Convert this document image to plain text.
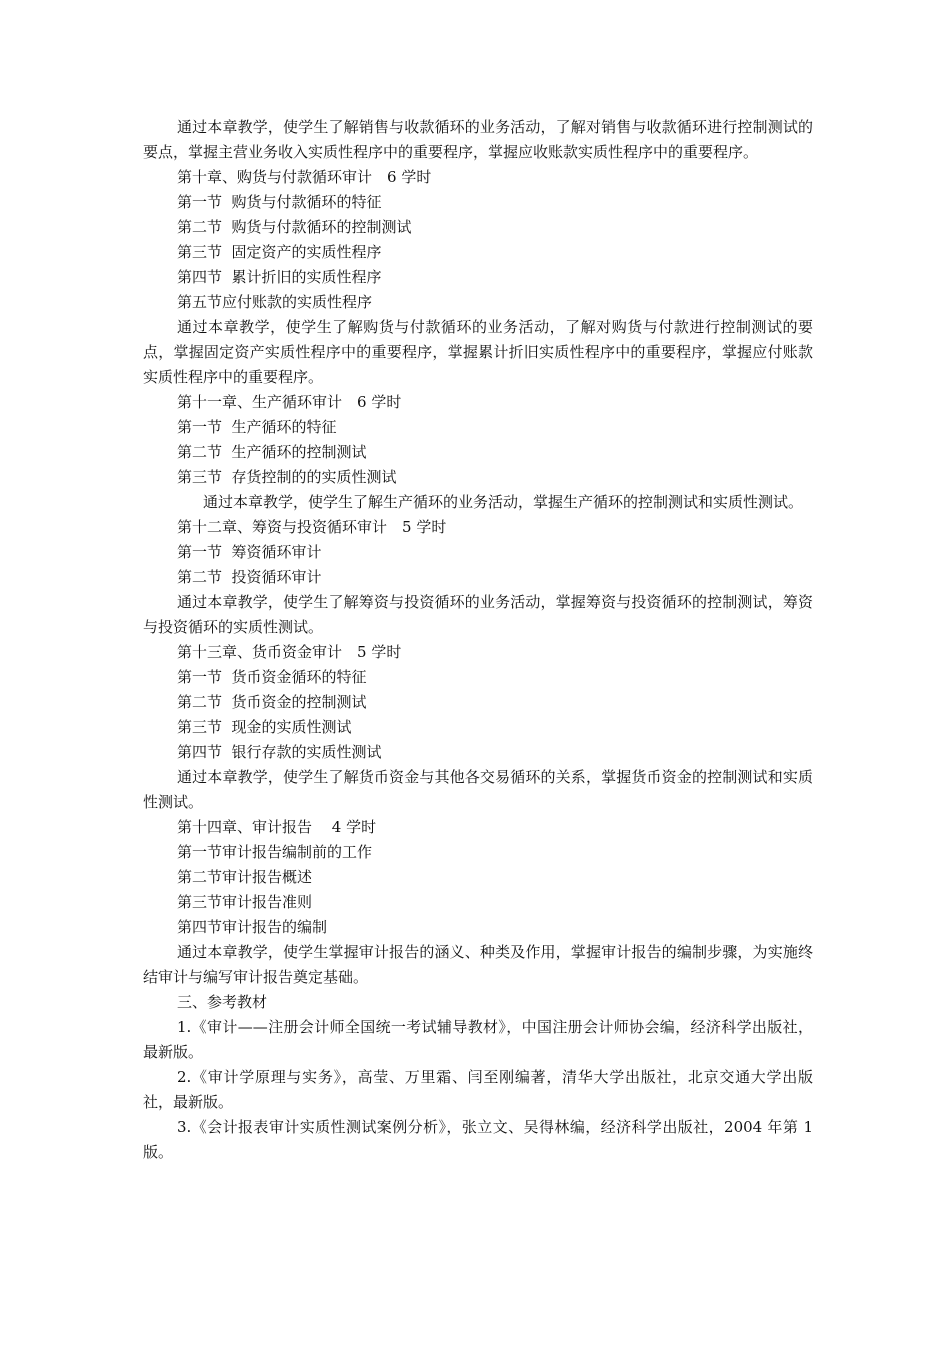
通过本章教学，使学生了解销售与收款循环的业务活动，了解对销售与收款循环进行控制测试的要点，掌握主营业务收入实质性程序中的重要程序，掌握应收账款实质性程序中的重要程序。

第十章、购货与付款循环审计　6 学时

第一节  购货与付款循环的特征

第二节  购货与付款循环的控制测试

第三节  固定资产的实质性程序

第四节  累计折旧的实质性程序

第五节应付账款的实质性程序

通过本章教学，使学生了解购货与付款循环的业务活动，了解对购货与付款进行控制测试的要点，掌握固定资产实质性程序中的重要程序，掌握累计折旧实质性程序中的重要程序，掌握应付账款实质性程序中的重要程序。

第十一章、生产循环审计　6 学时

第一节  生产循环的特征

第二节  生产循环的控制测试

第三节  存货控制的的实质性测试

通过本章教学，使学生了解生产循环的业务活动，掌握生产循环的控制测试和实质性测试。

第十二章、筹资与投资循环审计　5 学时

第一节  筹资循环审计

第二节  投资循环审计

通过本章教学，使学生了解筹资与投资循环的业务活动，掌握筹资与投资循环的控制测试，筹资与投资循环的实质性测试。

第十三章、货币资金审计　5 学时

第一节  货币资金循环的特征

第二节  货币资金的控制测试

第三节  现金的实质性测试

第四节  银行存款的实质性测试

通过本章教学，使学生了解货币资金与其他各交易循环的关系，掌握货币资金的控制测试和实质性测试。

第十四章、审计报告　 4 学时

第一节审计报告编制前的工作

第二节审计报告概述

第三节审计报告准则

第四节审计报告的编制

通过本章教学，使学生掌握审计报告的涵义、种类及作用，掌握审计报告的编制步骤，为实施终结审计与编写审计报告奠定基础。

三、参考教材

1.《审计——注册会计师全国统一考试辅导教材》，中国注册会计师协会编，经济科学出版社，最新版。

2.《审计学原理与实务》，高莹、万里霜、闫至刚编著，清华大学出版社，北京交通大学出版社，最新版。

3.《会计报表审计实质性测试案例分析》，张立文、吴得林编，经济科学出版社，2004 年第 1 版。
